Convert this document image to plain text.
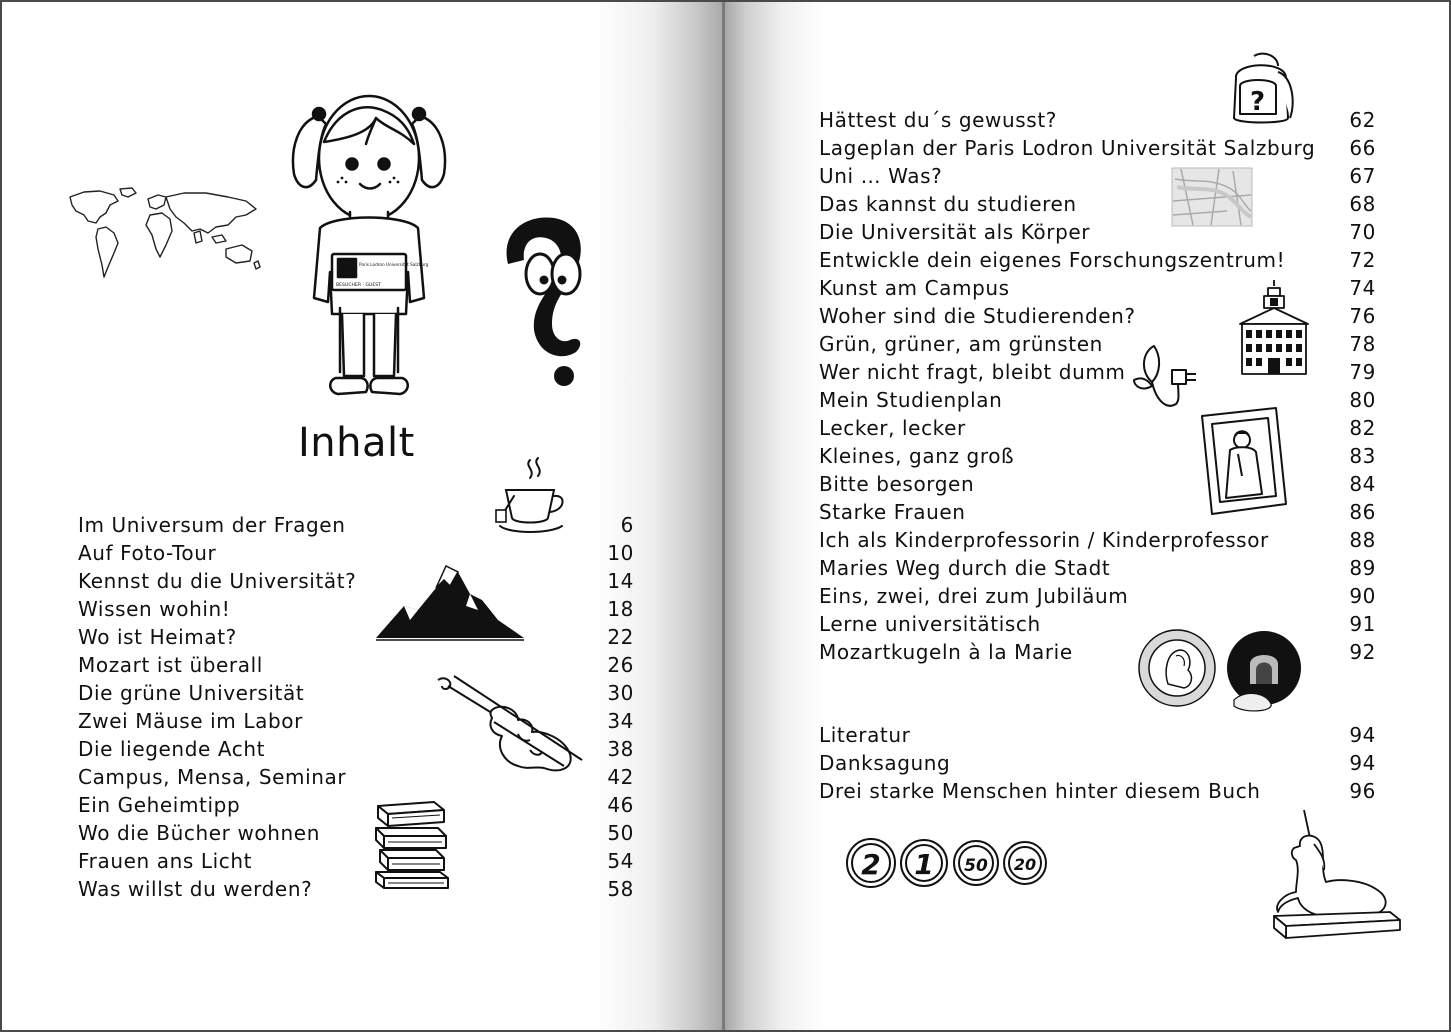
Paris Lodron Universität Salzburg
BESUCHER · GUEST
Inhalt
Im Universum der Fragen	6
Auf Foto-Tour	10
Kennst du die Universität?	14
Wissen wohin!	18
Wo ist Heimat?	22
Mozart ist überall	26
Die grüne Universität	30
Zwei Mäuse im Labor	34
Die liegende Acht	38
Campus, Mensa, Seminar	42
Ein Geheimtipp	46
Wo die Bücher wohnen	50
Frauen ans Licht	54
Was willst du werden?	58
?
2 1 50 20
Hättest du´s gewusst?	62
Lageplan der Paris Lodron Universität Salzburg 66
Uni … Was?	67
Das kannst du studieren	68
Die Universität als Körper	70
Entwickle dein eigenes Forschungszentrum!	72
Kunst am Campus	74
Woher sind die Studierenden?	76
Grün, grüner, am grünsten	78
Wer nicht fragt, bleibt dumm	79
Mein Studienplan	80
Lecker, lecker	82
Kleines, ganz groß	83
Bitte besorgen	84
Starke Frauen	86
Ich als Kinderprofessorin / Kinderprofessor	88
Maries Weg durch die Stadt	89
Eins, zwei, drei zum Jubiläum	90
Lerne universitätisch	91
Mozartkugeln à la Marie	92
Literatur	94
Danksagung	94
Drei starke Menschen hinter diesem Buch	96
